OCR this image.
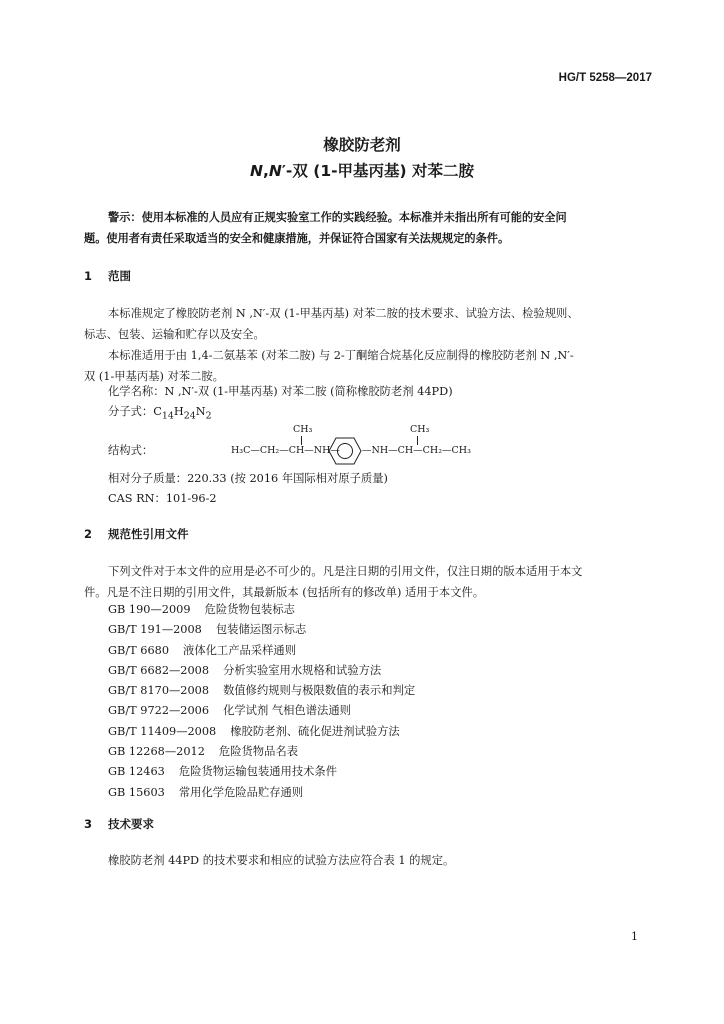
HG/T 5258—2017
橡胶防老剂
N,N′-双 (1-甲基丙基) 对苯二胺

警示：使用本标准的人员应有正规实验室工作的实践经验。本标准并未指出所有可能的安全问

题。使用者有责任采取适当的安全和健康措施，并保证符合国家有关法规规定的条件。

1 范围

本标准规定了橡胶防老剂 N ,N′-双 (1-甲基丙基) 对苯二胺的技术要求、试验方法、检验规则、

标志、包装、运输和贮存以及安全。

本标准适用于由 1,4-二氨基苯 (对苯二胺) 与 2-丁酮缩合烷基化反应制得的橡胶防老剂 N ,N′-

双 (1-甲基丙基) 对苯二胺。

化学名称：N ,N′-双 (1-甲基丙基) 对苯二胺 (简称橡胶防老剂 44PD)
分子式：$C_{14}H_{24}N_2$
结构式：
CH₃
H₃C—CH₂—CH—NH— —NH—CH—CH₂—CH₃
CH₃
相对分子质量：220.33 (按 2016 年国际相对原子质量)
CAS RN：101-96-2
2 规范性引用文件

下列文件对于本文件的应用是必不可少的。凡是注日期的引用文件，仅注日期的版本适用于本文

件。凡是不注日期的引用文件，其最新版本 (包括所有的修改单) 适用于本文件。

GB 190—2009 危险货物包装标志
GB/T 191—2008 包装储运图示标志
GB/T 6680 液体化工产品采样通则
GB/T 6682—2008 分析实验室用水规格和试验方法
GB/T 8170—2008 数值修约规则与极限数值的表示和判定
GB/T 9722—2006 化学试剂 气相色谱法通则
GB/T 11409—2008 橡胶防老剂、硫化促进剂试验方法
GB 12268—2012 危险货物品名表
GB 12463 危险货物运输包装通用技术条件
GB 15603 常用化学危险品贮存通则
3 技术要求
橡胶防老剂 44PD 的技术要求和相应的试验方法应符合表 1 的规定。
1
